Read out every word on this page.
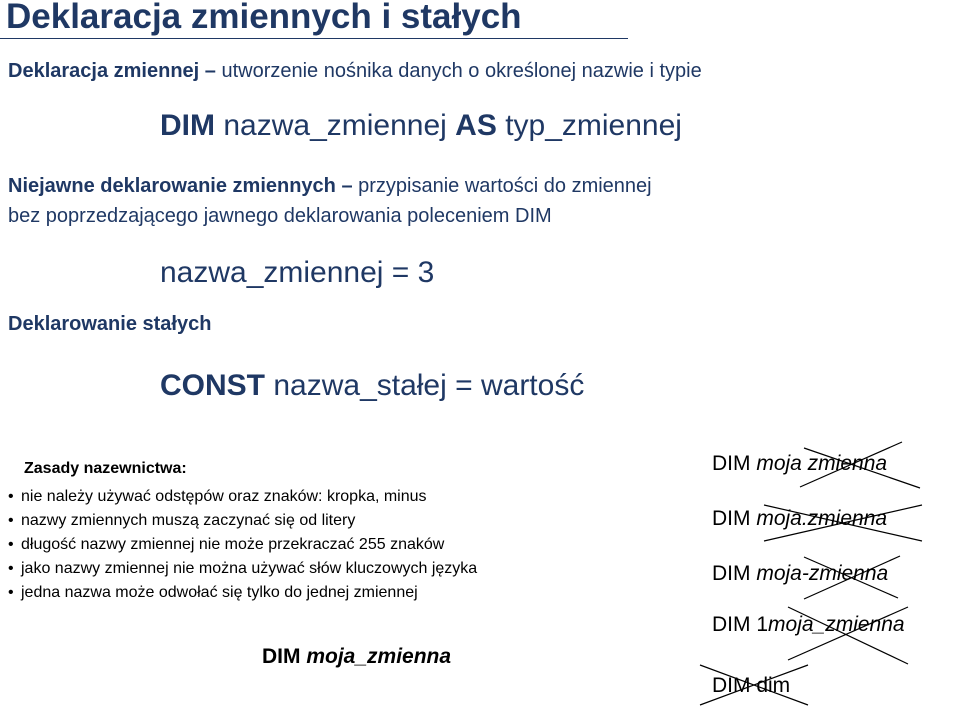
Deklaracja zmiennych i stałych
Deklaracja zmiennej – utworzenie nośnika danych o określonej nazwie i typie
DIM nazwa_zmiennej AS typ_zmiennej
Niejawne deklarowanie zmiennych – przypisanie wartości do zmiennej
bez poprzedzającego jawnego deklarowania poleceniem DIM
nazwa_zmiennej = 3
Deklarowanie stałych
CONST nazwa_stałej = wartość
Zasady nazewnictwa:
• nie należy używać odstępów oraz znaków: kropka, minus
• nazwy zmiennych muszą zaczynać się od litery
• długość nazwy zmiennej nie może przekraczać 255 znaków
• jako nazwy zmiennej nie można używać słów kluczowych języka
• jedna nazwa może odwołać się tylko do jednej zmiennej
DIM moja_zmienna
DIM moja zmienna
DIM moja.zmienna
DIM moja-zmienna
DIM 1moja_zmienna
DIM dim
